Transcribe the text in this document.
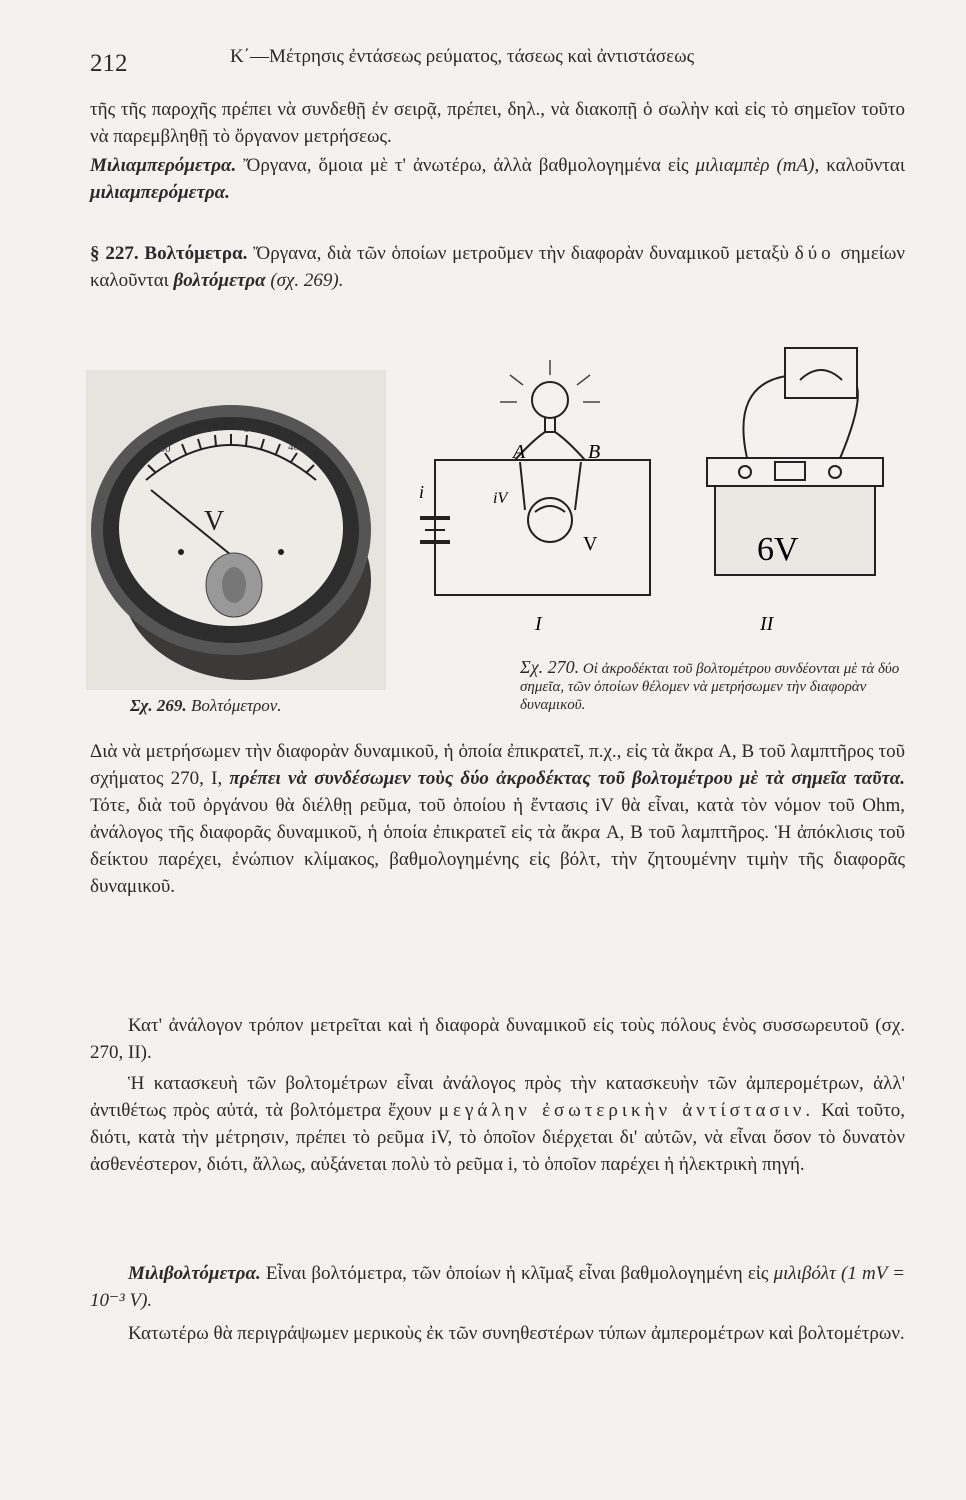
212	Κ΄—Μέτρησις ἐντάσεως ρεύματος, τάσεως καὶ ἀντιστάσεως

τῆς τῆς παροχῆς πρέπει νὰ συνδεθῇ ἐν σειρᾷ, πρέπει, δηλ., νὰ διακοπῇ ὁ σωλὴν καὶ εἰς τὸ σημεῖον τοῦτο νὰ παρεμβληθῇ τὸ ὄργανον μετρήσεως.

Μιλιαμπερόμετρα. Ὄργανα, ὅμοια μὲ τ' ἀνωτέρω, ἀλλὰ βαθμολογημένα εἰς μιλιαμπὲρ (mA), καλοῦνται μιλιαμπερόμετρα.

§ 227. Βολτόμετρα. Ὄργανα, διὰ τῶν ὁποίων μετροῦμεν τὴν διαφορὰν δυναμικοῦ μεταξὺ δύο σημείων καλοῦνται βολτόμετρα (σχ. 269).

100
200	300
400
V
Σχ. 269. Βολτόμετρον.
A	B
i	iV
V
I
6V
II
Σχ. 270. Οἱ ἀκροδέκται τοῦ βολτομέτρου συνδέονται μὲ τὰ δύο σημεῖα, τῶν ὁποίων θέλομεν νὰ μετρήσωμεν τὴν διαφορὰν δυναμικοῦ.

Διὰ νὰ μετρήσωμεν τὴν διαφορὰν δυναμικοῦ, ἡ ὁποία ἐπικρατεῖ, π.χ., εἰς τὰ ἄκρα A, B τοῦ λαμπτῆρος τοῦ σχήματος 270, I, πρέπει νὰ συνδέσωμεν τοὺς δύο ἀκροδέκτας τοῦ βολτομέτρου μὲ τὰ σημεῖα ταῦτα. Τότε, διὰ τοῦ ὀργάνου θὰ διέλθῃ ρεῦμα, τοῦ ὁποίου ἡ ἔντασις iV θὰ εἶναι, κατὰ τὸν νόμον τοῦ Ohm, ἀνάλογος τῆς διαφορᾶς δυναμικοῦ, ἡ ὁποία ἐπικρατεῖ εἰς τὰ ἄκρα A, B τοῦ λαμπτῆρος. Ἡ ἀπόκλισις τοῦ δείκτου παρέχει, ἐνώπιον κλίμακος, βαθμολογημένης εἰς βόλτ, τὴν ζητουμένην τιμὴν τῆς διαφορᾶς δυναμικοῦ.

Κατ' ἀνάλογον τρόπον μετρεῖται καὶ ἡ διαφορὰ δυναμικοῦ εἰς τοὺς πόλους ἑνὸς συσσωρευτοῦ (σχ. 270, II).

Ἡ κατασκευὴ τῶν βολτομέτρων εἶναι ἀνάλογος πρὸς τὴν κατασκευὴν τῶν ἀμπερομέτρων, ἀλλ' ἀντιθέτως πρὸς αὐτά, τὰ βολτόμετρα ἔχουν μεγάλην ἐσωτερικὴν ἀντίστασιν. Καὶ τοῦτο, διότι, κατὰ τὴν μέτρησιν, πρέπει τὸ ρεῦμα iV, τὸ ὁποῖον διέρχεται δι' αὐτῶν, νὰ εἶναι ὅσον τὸ δυνατὸν ἀσθενέστερον, διότι, ἄλλως, αὐξάνεται πολὺ τὸ ρεῦμα i, τὸ ὁποῖον παρέχει ἡ ἠλεκτρικὴ πηγή.

Μιλιβολτόμετρα. Εἶναι βολτόμετρα, τῶν ὁποίων ἡ κλῖμαξ εἶναι βαθμολογημένη εἰς μιλιβόλτ (1 mV = 10⁻³ V).

Κατωτέρω θὰ περιγράψωμεν μερικοὺς ἐκ τῶν συνηθεστέρων τύπων ἀμπερομέτρων καὶ βολτομέτρων.
